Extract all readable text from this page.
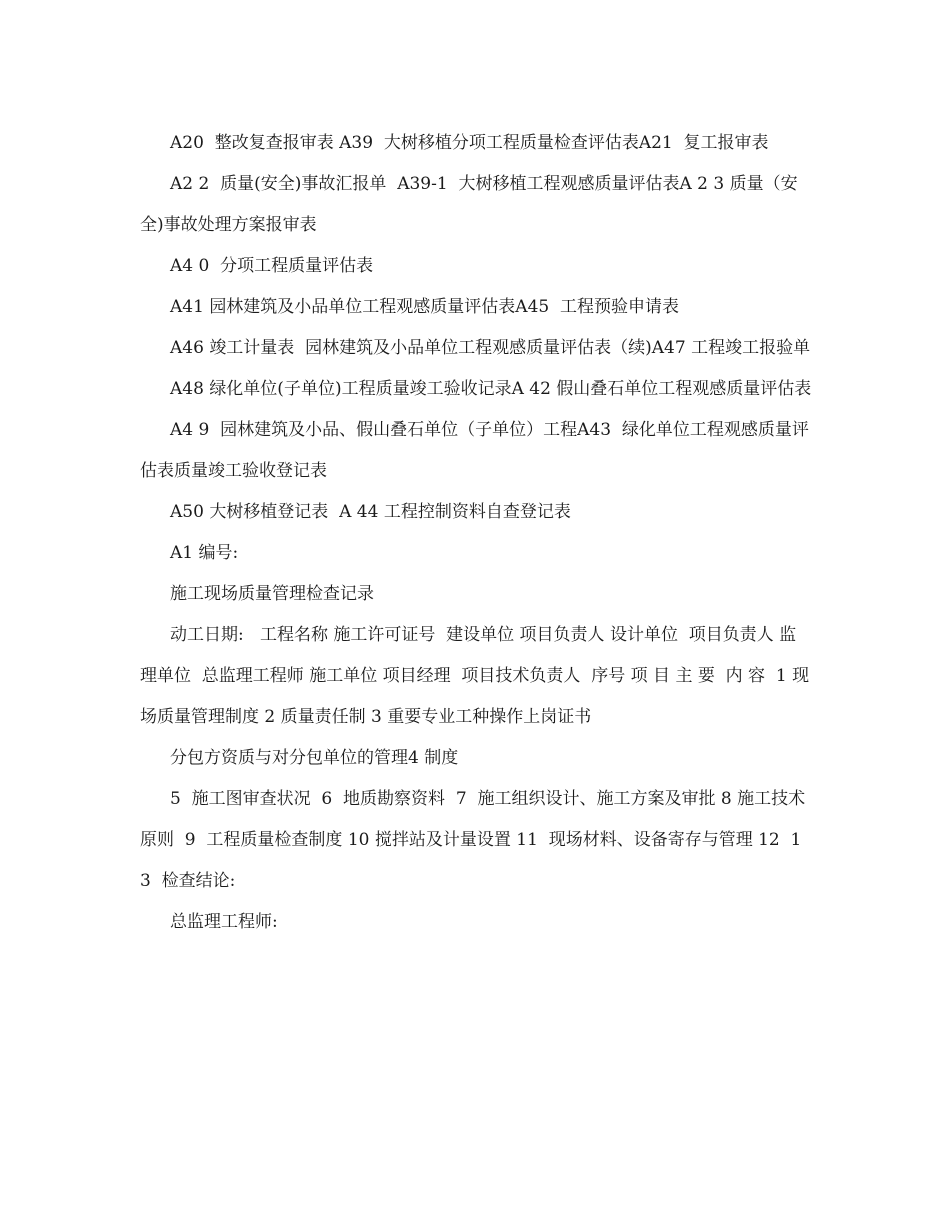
A20  整改复查报审表 A39  大树移植分项工程质量检查评估表A21  复工报审表

A2 2  质量(安全)事故汇报单  A39-1  大树移植工程观感质量评估表A 2 3 质量（安全)事故处理方案报审表

A4 0  分项工程质量评估表

A41 园林建筑及小品单位工程观感质量评估表A45  工程预验申请表

A46 竣工计量表  园林建筑及小品单位工程观感质量评估表（续)A47 工程竣工报验单

A48 绿化单位(子单位)工程质量竣工验收记录A 42 假山叠石单位工程观感质量评估表

A4 9  园林建筑及小品、假山叠石单位（子单位）工程A43  绿化单位工程观感质量评估表质量竣工验收登记表

A50 大树移植登记表  A 44 工程控制资料自查登记表

A1 编号:

施工现场质量管理检查记录

动工日期:   工程名称 施工许可证号  建设单位 项目负责人 设计单位  项目负责人 监理单位  总监理工程师 施工单位 项目经理  项目技术负责人  序号 项 目 主 要  内 容  1 现场质量管理制度 2 质量责任制 3 重要专业工种操作上岗证书

分包方资质与对分包单位的管理4 制度

5  施工图审查状况  6  地质勘察资料  7  施工组织设计、施工方案及审批 8 施工技术原则  9  工程质量检查制度 10 搅拌站及计量设置 11  现场材料、设备寄存与管理 12  1 3  检查结论:

总监理工程师:
